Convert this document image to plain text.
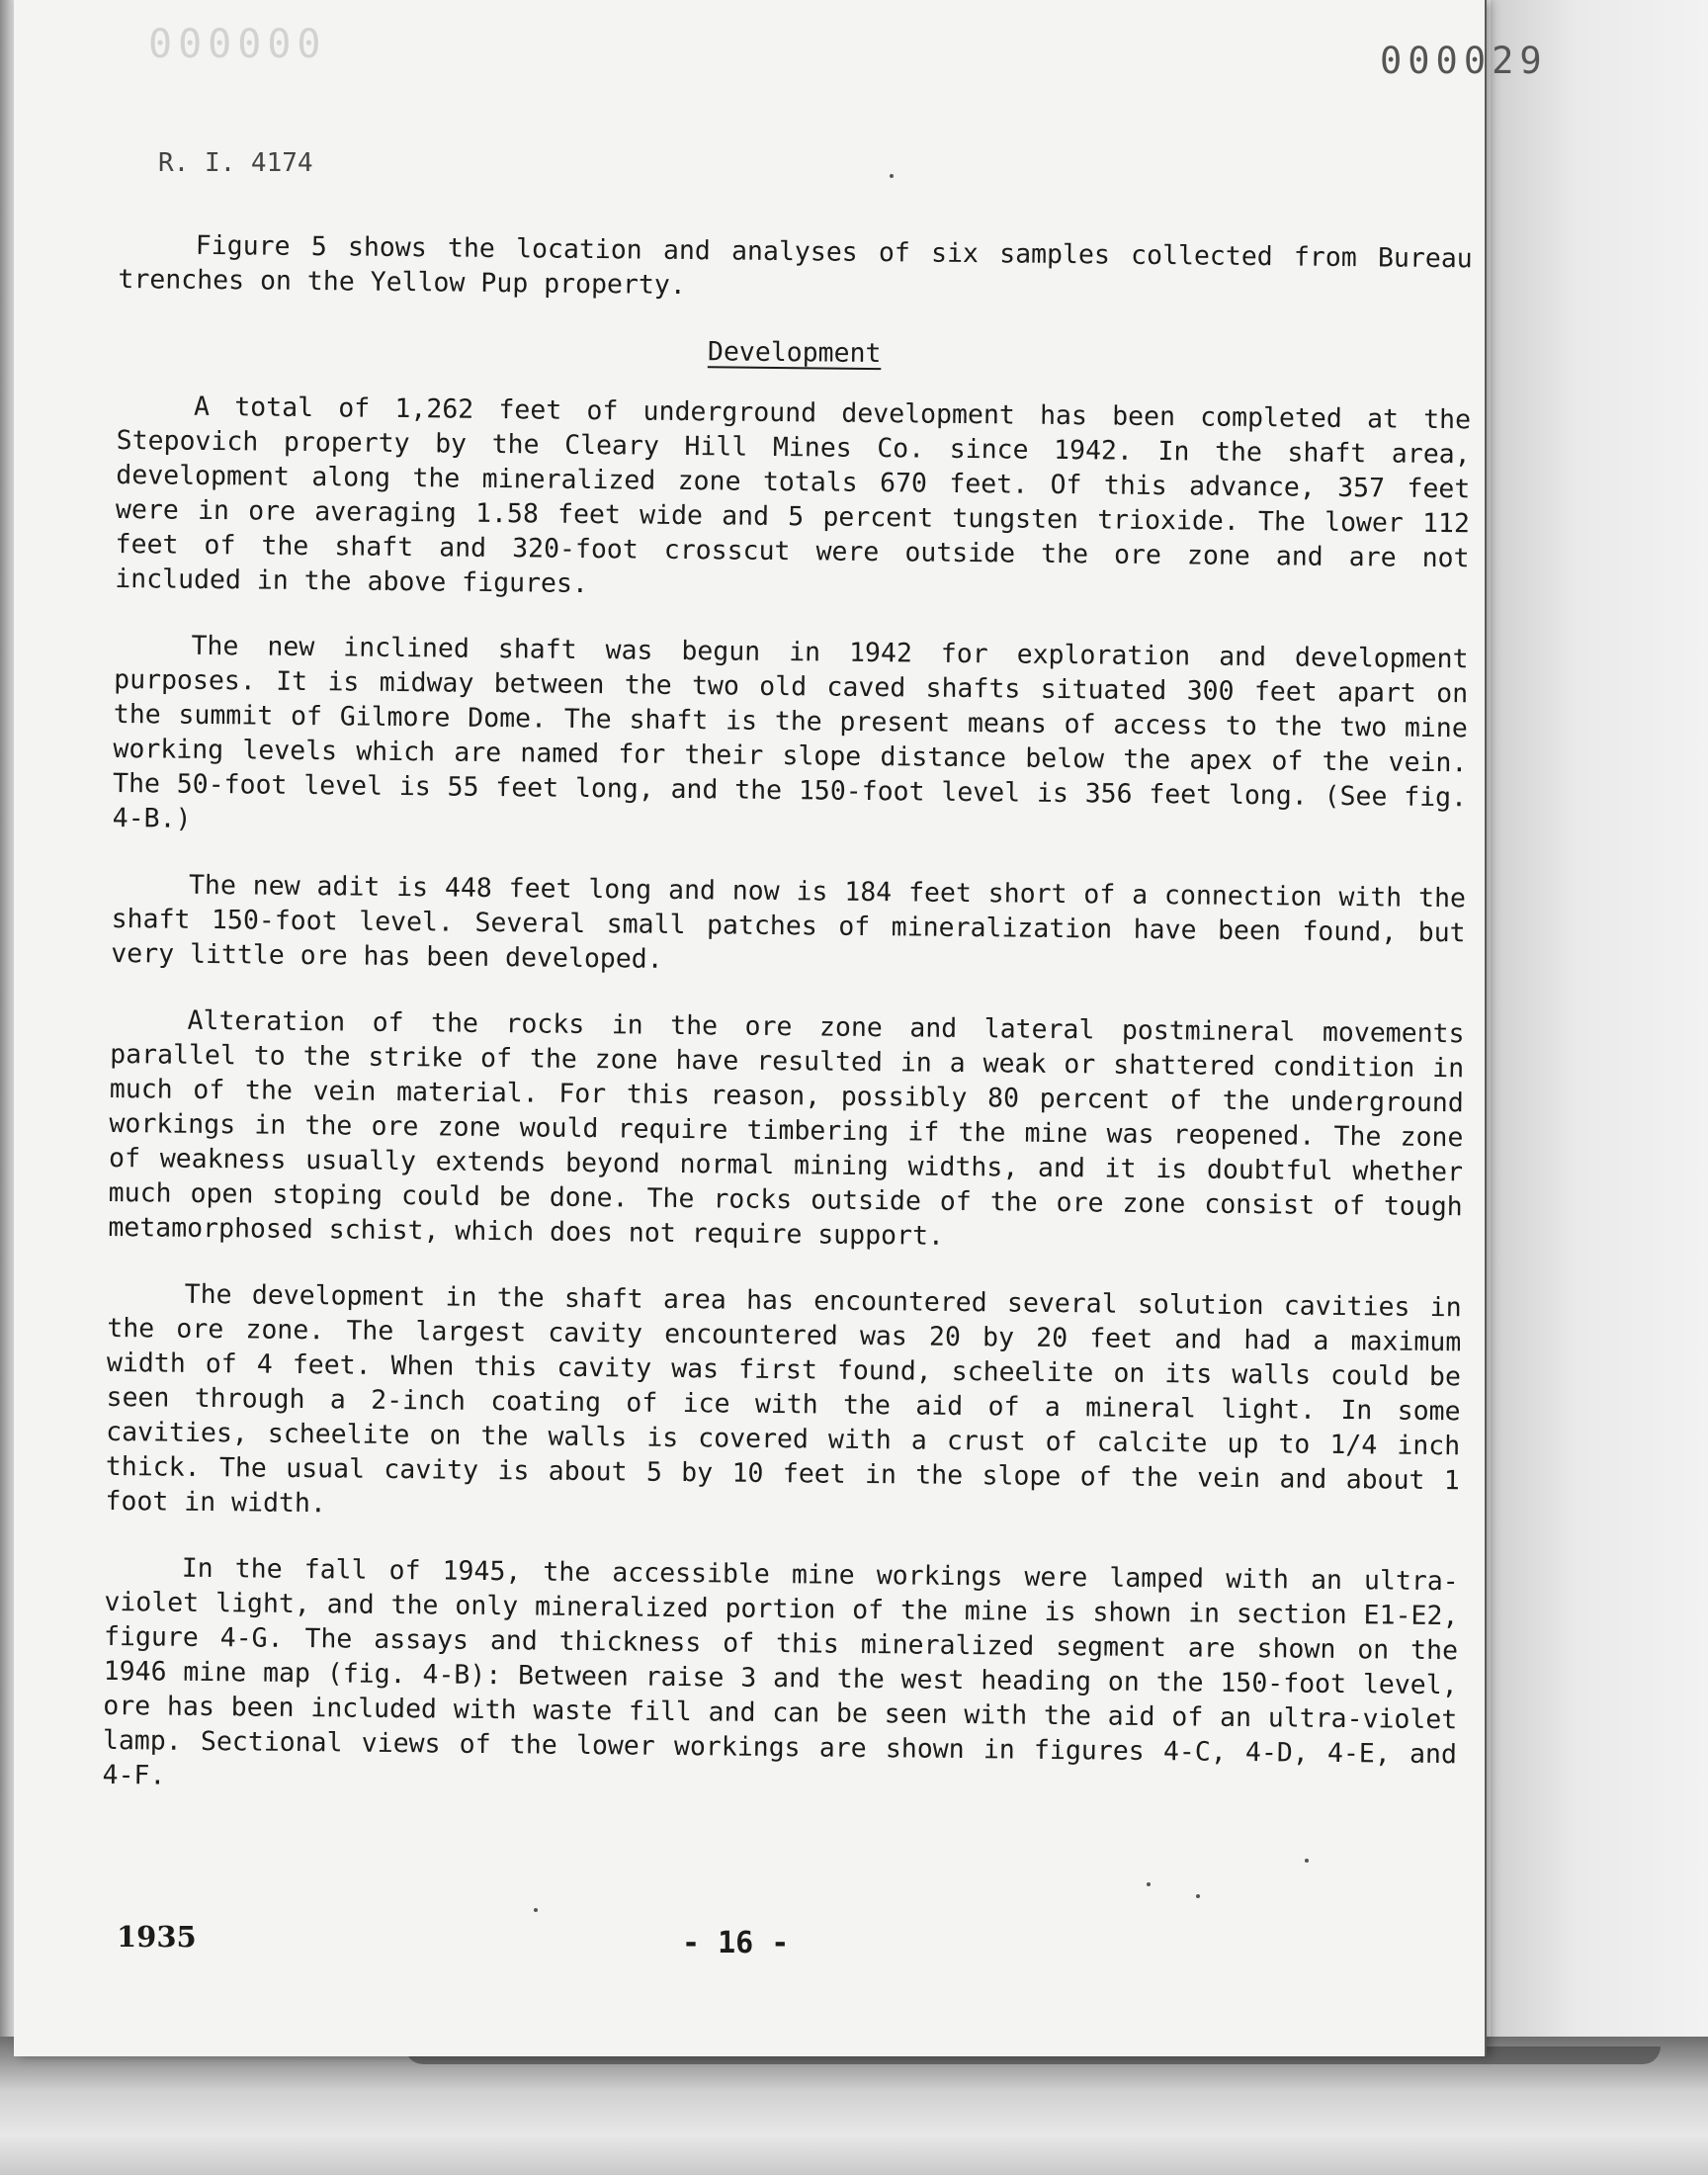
000000	000029
R. I. 4174

Figure 5 shows the location and analyses of six samples collected from Bureau trenches on the Yellow Pup property.

Development

A total of 1,262 feet of underground development has been completed at the Stepovich property by the Cleary Hill Mines Co. since 1942. In the shaft area, development along the mineralized zone totals 670 feet. Of this advance, 357 feet were in ore averaging 1.58 feet wide and 5 percent tungsten trioxide. The lower 112 feet of the shaft and 320-foot crosscut were outside the ore zone and are not included in the above figures.

The new inclined shaft was begun in 1942 for exploration and development purposes. It is midway between the two old caved shafts situated 300 feet apart on the summit of Gilmore Dome. The shaft is the present means of access to the two mine working levels which are named for their slope distance below the apex of the vein. The 50-foot level is 55 feet long, and the 150-foot level is 356 feet long. (See fig. 4-B.)

The new adit is 448 feet long and now is 184 feet short of a connection with the shaft 150-foot level. Several small patches of mineralization have been found, but very little ore has been developed.

Alteration of the rocks in the ore zone and lateral postmineral movements parallel to the strike of the zone have resulted in a weak or shattered condition in much of the vein material. For this reason, possibly 80 percent of the underground workings in the ore zone would require timbering if the mine was reopened. The zone of weakness usually extends beyond normal mining widths, and it is doubtful whether much open stoping could be done. The rocks outside of the ore zone consist of tough metamorphosed schist, which does not require support.

The development in the shaft area has encountered several solution cavities in the ore zone. The largest cavity encountered was 20 by 20 feet and had a maximum width of 4 feet. When this cavity was first found, scheelite on its walls could be seen through a 2-inch coating of ice with the aid of a mineral light. In some cavities, scheelite on the walls is covered with a crust of calcite up to 1/4 inch thick. The usual cavity is about 5 by 10 feet in the slope of the vein and about 1 foot in width.

In the fall of 1945, the accessible mine workings were lamped with an ultra-violet light, and the only mineralized portion of the mine is shown in section E1-E2, figure 4-G. The assays and thickness of this mineralized segment are shown on the 1946 mine map (fig. 4-B): Between raise 3 and the west heading on the 150-foot level, ore has been included with waste fill and can be seen with the aid of an ultra-violet lamp. Sectional views of the lower workings are shown in figures 4-C, 4-D, 4-E, and 4-F.

1935	- 16 -
